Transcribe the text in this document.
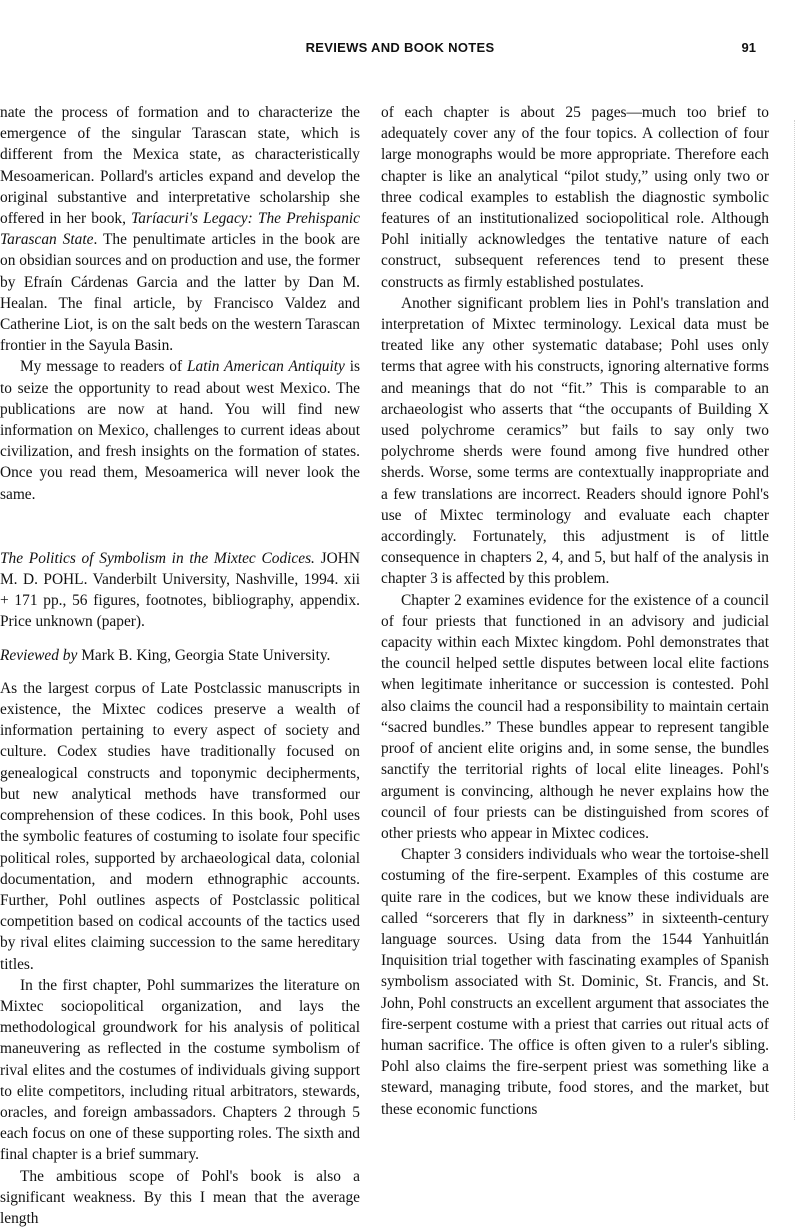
REVIEWS AND BOOK NOTES	91

nate the process of formation and to characterize the emergence of the singular Tarascan state, which is different from the Mexica state, as characteristically Mesoamerican. Pollard's articles expand and develop the original substantive and interpretative scholarship she offered in her book, Taríacuri's Legacy: The Prehispanic Tarascan State. The penultimate articles in the book are on obsidian sources and on production and use, the former by Efraín Cárdenas Garcia and the latter by Dan M. Healan. The final article, by Francisco Valdez and Catherine Liot, is on the salt beds on the western Tarascan frontier in the Sayula Basin.

My message to readers of Latin American Antiquity is to seize the opportunity to read about west Mexico. The publications are now at hand. You will find new information on Mexico, challenges to current ideas about civilization, and fresh insights on the formation of states. Once you read them, Mesoamerica will never look the same.

The Politics of Symbolism in the Mixtec Codices. JOHN M. D. POHL. Vanderbilt University, Nashville, 1994. xii + 171 pp., 56 figures, footnotes, bibliography, appendix. Price unknown (paper).

Reviewed by Mark B. King, Georgia State University.

As the largest corpus of Late Postclassic manuscripts in existence, the Mixtec codices preserve a wealth of information pertaining to every aspect of society and culture. Codex studies have traditionally focused on genealogical constructs and toponymic decipherments, but new analytical methods have transformed our comprehension of these codices. In this book, Pohl uses the symbolic features of costuming to isolate four specific political roles, supported by archaeological data, colonial documentation, and modern ethnographic accounts. Further, Pohl outlines aspects of Postclassic political competition based on codical accounts of the tactics used by rival elites claiming succession to the same hereditary titles.

In the first chapter, Pohl summarizes the literature on Mixtec sociopolitical organization, and lays the methodological groundwork for his analysis of political maneuvering as reflected in the costume symbolism of rival elites and the costumes of individuals giving support to elite competitors, including ritual arbitrators, stewards, oracles, and foreign ambassadors. Chapters 2 through 5 each focus on one of these supporting roles. The sixth and final chapter is a brief summary.

The ambitious scope of Pohl's book is also a significant weakness. By this I mean that the average length

of each chapter is about 25 pages—much too brief to adequately cover any of the four topics. A collection of four large monographs would be more appropriate. Therefore each chapter is like an analytical “pilot study,” using only two or three codical examples to establish the diagnostic symbolic features of an institutionalized sociopolitical role. Although Pohl initially acknowledges the tentative nature of each construct, subsequent references tend to present these constructs as firmly established postulates.

Another significant problem lies in Pohl's translation and interpretation of Mixtec terminology. Lexical data must be treated like any other systematic database; Pohl uses only terms that agree with his constructs, ignoring alternative forms and meanings that do not “fit.” This is comparable to an archaeologist who asserts that “the occupants of Building X used polychrome ceramics” but fails to say only two polychrome sherds were found among five hundred other sherds. Worse, some terms are contextually inappropriate and a few translations are incorrect. Readers should ignore Pohl's use of Mixtec terminology and evaluate each chapter accordingly. Fortunately, this adjustment is of little consequence in chapters 2, 4, and 5, but half of the analysis in chapter 3 is affected by this problem.

Chapter 2 examines evidence for the existence of a council of four priests that functioned in an advisory and judicial capacity within each Mixtec kingdom. Pohl demonstrates that the council helped settle disputes between local elite factions when legitimate inheritance or succession is contested. Pohl also claims the council had a responsibility to maintain certain “sacred bundles.” These bundles appear to represent tangible proof of ancient elite origins and, in some sense, the bundles sanctify the territorial rights of local elite lineages. Pohl's argument is convincing, although he never explains how the council of four priests can be distinguished from scores of other priests who appear in Mixtec codices.

Chapter 3 considers individuals who wear the tortoise-shell costuming of the fire-serpent. Examples of this costume are quite rare in the codices, but we know these individuals are called “sorcerers that fly in darkness” in sixteenth-century language sources. Using data from the 1544 Yanhuitlán Inquisition trial together with fascinating examples of Spanish symbolism associated with St. Dominic, St. Francis, and St. John, Pohl constructs an excellent argument that associates the fire-serpent costume with a priest that carries out ritual acts of human sacrifice. The office is often given to a ruler's sibling. Pohl also claims the fire-serpent priest was something like a steward, managing tribute, food stores, and the market, but these economic functions
